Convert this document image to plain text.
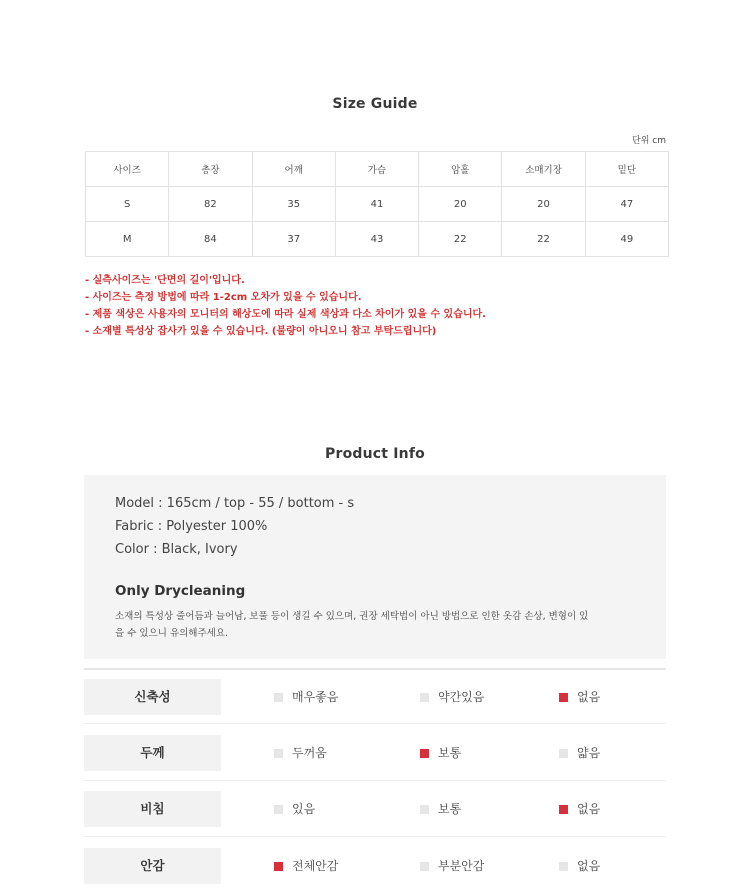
Size Guide
단위 cm
사이즈	총장	어깨	가슴	암홀	소매기장	밑단
S	82	35	41	20	20	47
M	84	37	43	22	22	49
- 실측사이즈는 '단면의 길이'입니다.
- 사이즈는 측정 방법에 따라 1-2cm 오차가 있을 수 있습니다.
- 제품 색상은 사용자의 모니터의 해상도에 따라 실제 색상과 다소 차이가 있을 수 있습니다.
- 소재별 특성상 잡사가 있을 수 있습니다. (불량이 아니오니 참고 부탁드립니다)
Product Info
Model : 165cm / top - 55 / bottom - s
Fabric : Polyester 100%
Color : Black, Ivory
Only Drycleaning
소재의 특성상 줄어듬과 늘어남, 보풀 등이 생길 수 있으며, 권장 세탁법이 아닌 방법으로 인한 옷감 손상, 변형이 있을 수 있으니 유의해주세요.
신축성	매우좋음	약간있음	없음
두께	두꺼움	보통	얇음
비침	있음	보통	없음
안감	전체안감	부분안감	없음
